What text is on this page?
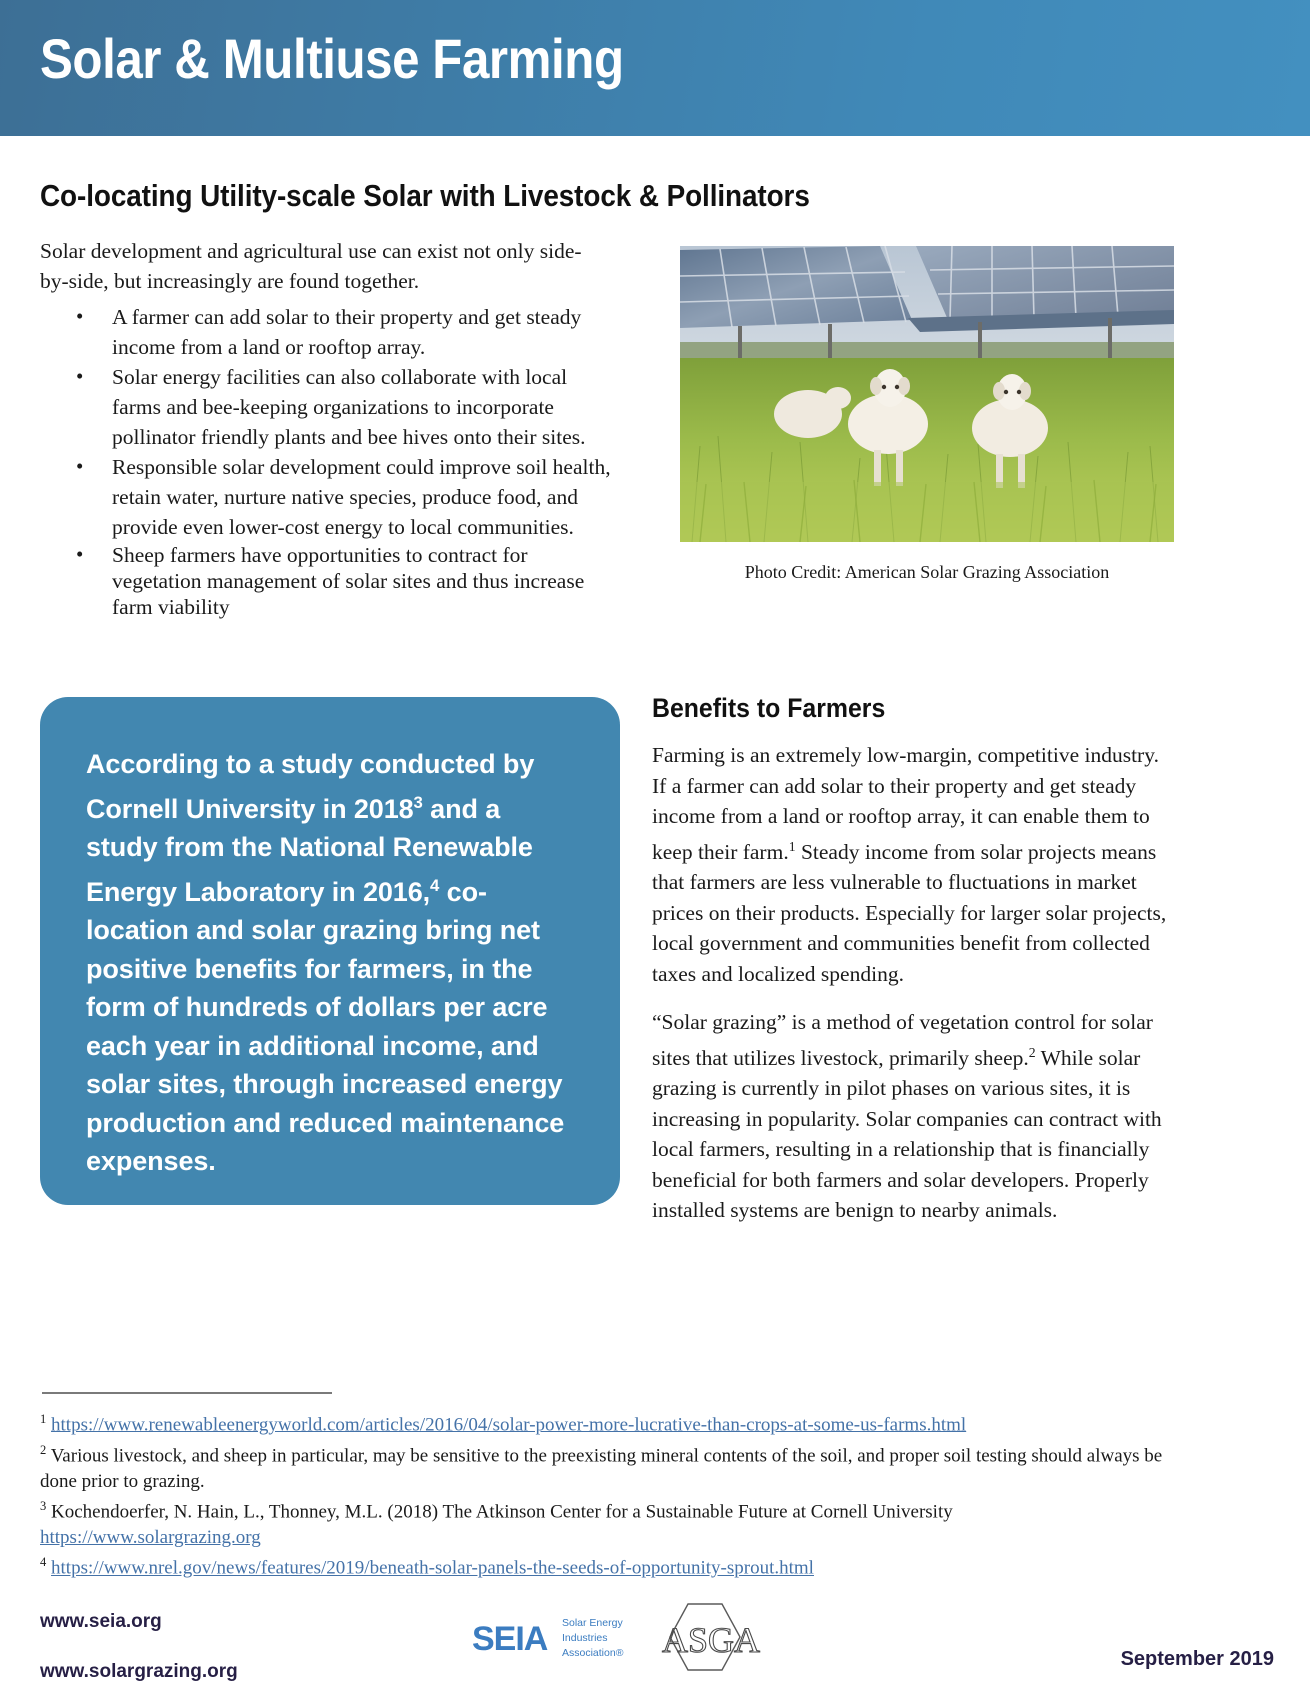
Solar & Multiuse Farming
Co-locating Utility-scale Solar with Livestock & Pollinators
Solar development and agricultural use can exist not only side-by-side, but increasingly are found together.
• A farmer can add solar to their property and get steady income from a land or rooftop array.
• Solar energy facilities can also collaborate with local farms and bee-keeping organizations to incorporate pollinator friendly plants and bee hives onto their sites.
• Responsible solar development could improve soil health, retain water, nurture native species, produce food, and provide even lower-cost energy to local communities.
• Sheep farmers have opportunities to contract for vegetation management of solar sites and thus increase farm viability
Photo Credit: American Solar Grazing Association
According to a study conducted by Cornell University in 2018$^3$ and a study from the National Renewable Energy Laboratory in 2016,$^4$ co-location and solar grazing bring net positive benefits for farmers, in the form of hundreds of dollars per acre each year in additional income, and solar sites, through increased energy production and reduced maintenance expenses.
Benefits to Farmers

Farming is an extremely low-margin, competitive industry. If a farmer can add solar to their property and get steady income from a land or rooftop array, it can enable them to keep their farm.$^1$ Steady income from solar projects means that farmers are less vulnerable to fluctuations in market prices on their products. Especially for larger solar projects, local government and communities benefit from collected taxes and localized spending.

“Solar grazing” is a method of vegetation control for solar sites that utilizes livestock, primarily sheep.$^2$ While solar grazing is currently in pilot phases on various sites, it is increasing in popularity. Solar companies can contract with local farmers, resulting in a relationship that is financially beneficial for both farmers and solar developers. Properly installed systems are benign to nearby animals.

$^1$ https://www.renewableenergyworld.com/articles/2016/04/solar-power-more-lucrative-than-crops-at-some-us-farms.html
$^2$ Various livestock, and sheep in particular, may be sensitive to the preexisting mineral contents of the soil, and proper soil testing should always be done prior to grazing.
$^3$ Kochendoerfer, N. Hain, L., Thonney, M.L. (2018) The Atkinson Center for a Sustainable Future at Cornell University
https://www.solargrazing.org
$^4$ https://www.nrel.gov/news/features/2019/beneath-solar-panels-the-seeds-of-opportunity-sprout.html
www.seia.org
www.solargrazing.org
SEIA Solar Energy
Industries
Association® ASGA	September 2019
